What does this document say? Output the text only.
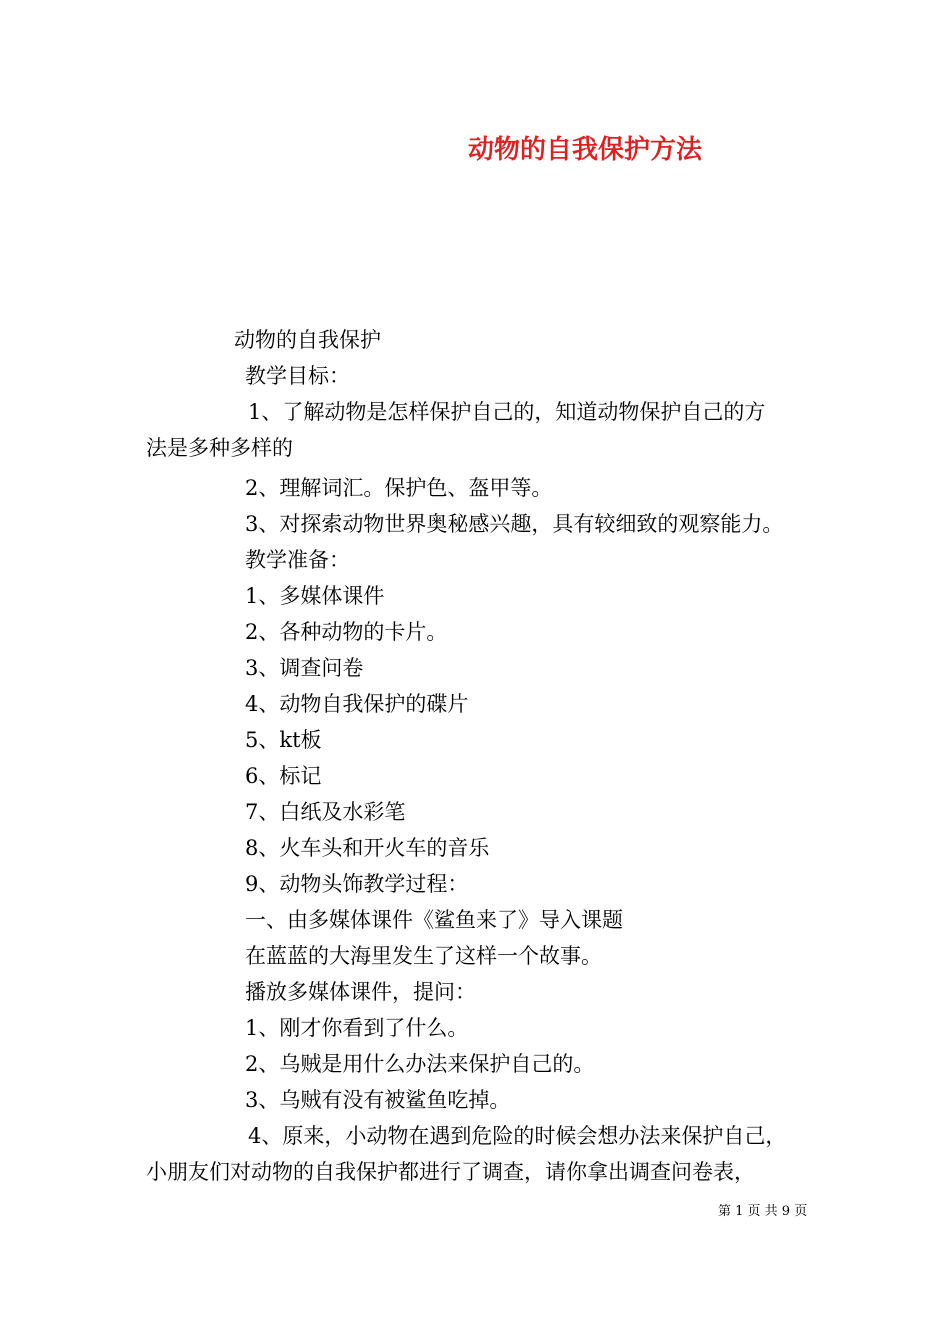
动物的自我保护方法
动物的自我保护
教学目标：
1、了解动物是怎样保护自己的，知道动物保护自己的方
法是多种多样的
2、理解词汇。保护色、盔甲等。
3、对探索动物世界奥秘感兴趣，具有较细致的观察能力。
教学准备：
1、多媒体课件
2、各种动物的卡片。
3、调查问卷
4、动物自我保护的碟片
5、kt板
6、标记
7、白纸及水彩笔
8、火车头和开火车的音乐
9、动物头饰教学过程：
一、由多媒体课件《鲨鱼来了》导入课题
在蓝蓝的大海里发生了这样一个故事。
播放多媒体课件，提问：
1、刚才你看到了什么。
2、乌贼是用什么办法来保护自己的。
3、乌贼有没有被鲨鱼吃掉。
4、原来，小动物在遇到危险的时候会想办法来保护自己，
小朋友们对动物的自我保护都进行了调查，请你拿出调查问卷表，
第 1 页 共 9 页
